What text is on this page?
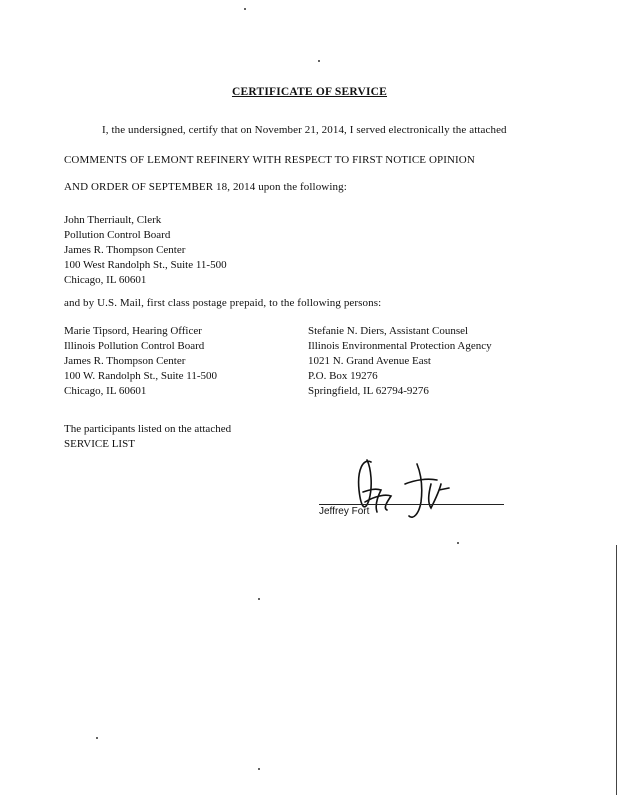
CERTIFICATE OF SERVICE
I, the undersigned, certify that on November 21, 2014, I served electronically the attached
COMMENTS OF LEMONT REFINERY WITH RESPECT TO FIRST NOTICE OPINION
AND ORDER OF SEPTEMBER 18, 2014 upon the following:
John Therriault, Clerk
Pollution Control Board
James R. Thompson Center
100 West Randolph St., Suite 11-500
Chicago, IL 60601
and by U.S. Mail, first class postage prepaid, to the following persons:
Marie Tipsord, Hearing Officer
Illinois Pollution Control Board
James R. Thompson Center
100 W. Randolph St., Suite 11-500
Chicago, IL 60601
Stefanie N. Diers, Assistant Counsel
Illinois Environmental Protection Agency
1021 N. Grand Avenue East
P.O. Box 19276
Springfield, IL 62794-9276
The participants listed on the attached
SERVICE LIST
Jeffrey Fort
